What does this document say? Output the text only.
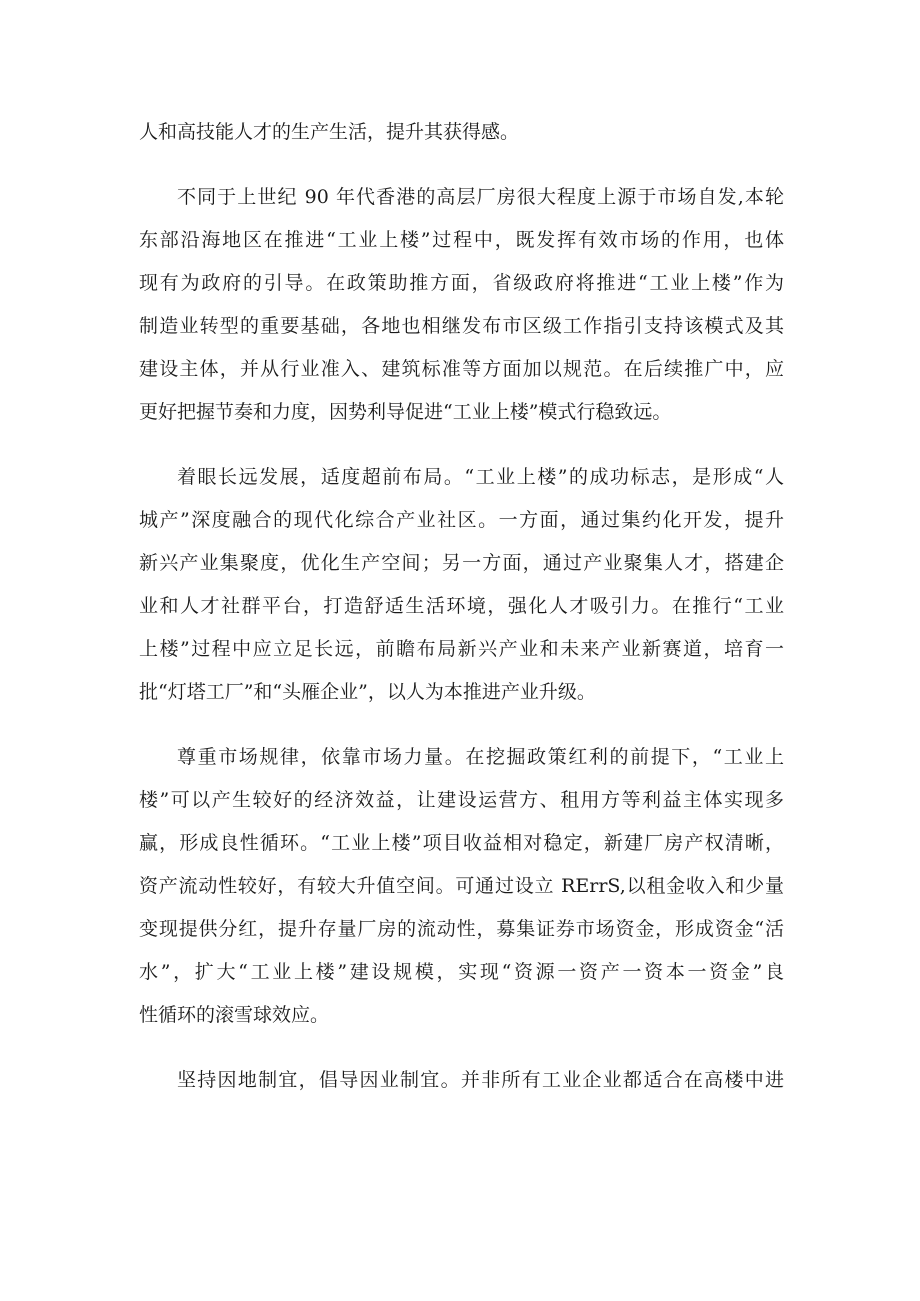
人和高技能人才的生产生活，提升其获得感。
不同于上世纪 90 年代香港的高层厂房很大程度上源于市场自发,本轮
东部沿海地区在推进“工业上楼”过程中，既发挥有效市场的作用，也体
现有为政府的引导。在政策助推方面，省级政府将推进“工业上楼”作为
制造业转型的重要基础，各地也相继发布市区级工作指引支持该模式及其
建设主体，并从行业准入、建筑标准等方面加以规范。在后续推广中，应
更好把握节奏和力度，因势利导促进“工业上楼”模式行稳致远。
着眼长远发展，适度超前布局。“工业上楼”的成功标志，是形成“人
城产”深度融合的现代化综合产业社区。一方面，通过集约化开发，提升
新兴产业集聚度，优化生产空间；另一方面，通过产业聚集人才，搭建企
业和人才社群平台，打造舒适生活环境，强化人才吸引力。在推行“工业
上楼”过程中应立足长远，前瞻布局新兴产业和未来产业新赛道，培育一
批“灯塔工厂”和“头雁企业”，以人为本推进产业升级。
尊重市场规律，依靠市场力量。在挖掘政策红利的前提下，“工业上
楼”可以产生较好的经济效益，让建设运营方、租用方等利益主体实现多
赢，形成良性循环。“工业上楼”项目收益相对稳定，新建厂房产权清晰，
资产流动性较好，有较大升值空间。可通过设立 RErrS,以租金收入和少量
变现提供分红，提升存量厂房的流动性，募集证券市场资金，形成资金“活
水”，扩大“工业上楼”建设规模，实现“资源一资产一资本一资金”良
性循环的滚雪球效应。
坚持因地制宜，倡导因业制宜。并非所有工业企业都适合在高楼中进
